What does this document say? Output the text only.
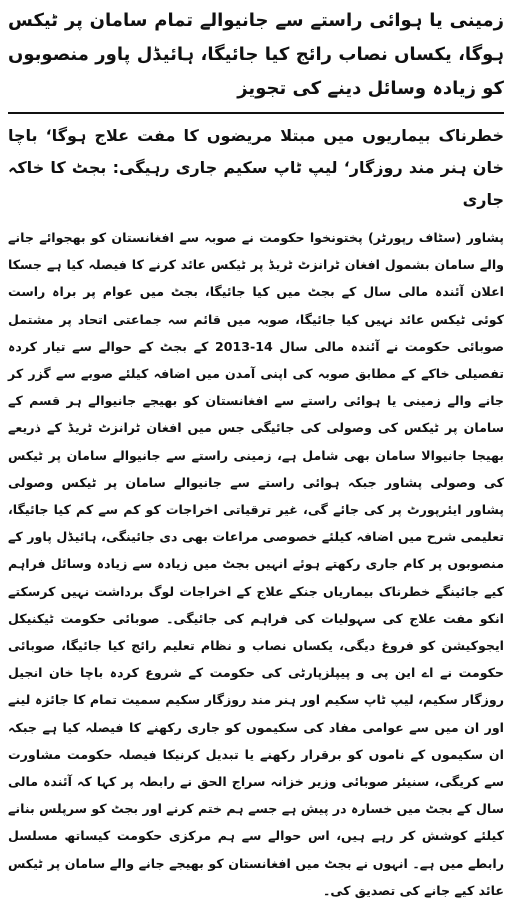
زمینی یا ہوائی راستے سے جانیوالے تمام سامان پر ٹیکس ہوگا، یکساں نصاب رائج کیا جائیگا، ہائیڈل پاور منصوبوں کو زیادہ وسائل دینے کی تجویز
خطرناک بیماریوں میں مبتلا مریضوں کا مفت علاج ہوگا‘ باچا خان ہنر مند روزگار‘ لیپ ٹاپ سکیم جاری رہیگی: بجٹ کا خاکہ جاری

پشاور (سٹاف رپورٹر) پختونخوا حکومت نے صوبہ سے افغانستان کو بھجوائے جانے والے سامان بشمول افغان ٹرانزٹ ٹریڈ پر ٹیکس عائد کرنے کا فیصلہ کیا ہے جسکا اعلان آئندہ مالی سال کے بجٹ میں کیا جائیگا، بجٹ میں عوام پر براہ راست کوئی ٹیکس عائد نہیں کیا جائیگا، صوبہ میں قائم سہ جماعتی اتحاد پر مشتمل صوبائی حکومت نے آئندہ مالی سال 14-2013 کے بجٹ کے حوالے سے تیار کردہ تفصیلی خاکے کے مطابق صوبہ کی اپنی آمدن میں اضافہ کیلئے صوبے سے گزر کر جانے والے زمینی یا ہوائی راستے سے افغانستان کو بھیجے جانیوالے ہر قسم کے سامان پر ٹیکس کی وصولی کی جائیگی جس میں افغان ٹرانزٹ ٹریڈ کے ذریعے بھیجا جانیوالا سامان بھی شامل ہے، زمینی راستے سے جانیوالے سامان پر ٹیکس کی وصولی پشاور جبکہ ہوائی راستے سے جانیوالے سامان پر ٹیکس وصولی پشاور ایئرپورٹ پر کی جائے گی، غیر ترقیاتی اخراجات کو کم سے کم کیا جائیگا، تعلیمی شرح میں اضافہ کیلئے خصوصی مراعات بھی دی جائینگی، ہائیڈل پاور کے منصوبوں پر کام جاری رکھتے ہوئے انہیں بجٹ میں زیادہ سے زیادہ وسائل فراہم کیے جائینگے خطرناک بیماریاں جنکے علاج کے اخراجات لوگ برداشت نہیں کرسکتے انکو مفت علاج کی سہولیات کی فراہم کی جائیگی۔ صوبائی حکومت ٹیکنیکل ایجوکیشن کو فروغ دیگی، یکساں نصاب و نظام تعلیم رائج کیا جائیگا، صوبائی حکومت نے اے این پی و پیپلزپارٹی کی حکومت کے شروع کردہ باچا خان انجیل روزگار سکیم، لیپ ٹاپ سکیم اور ہنر مند روزگار سکیم سمیت تمام کا جائزہ لینے اور ان میں سے عوامی مفاد کی سکیموں کو جاری رکھنے کا فیصلہ کیا ہے جبکہ ان سکیموں کے ناموں کو برقرار رکھنے یا تبدیل کرنیکا فیصلہ حکومت مشاورت سے کریگی، سنیئر صوبائی وزیر خزانہ سراج الحق نے رابطہ پر کہا کہ آئندہ مالی سال کے بجٹ میں خسارہ در پیش ہے جسے ہم ختم کرنے اور بجٹ کو سرپلس بنانے کیلئے کوشش کر رہے ہیں، اس حوالے سے ہم مرکزی حکومت کیساتھ مسلسل رابطے میں ہے۔ انہوں نے بجٹ میں افغانستان کو بھیجے جانے والے سامان پر ٹیکس عائد کیے جانے کی تصدیق کی۔
